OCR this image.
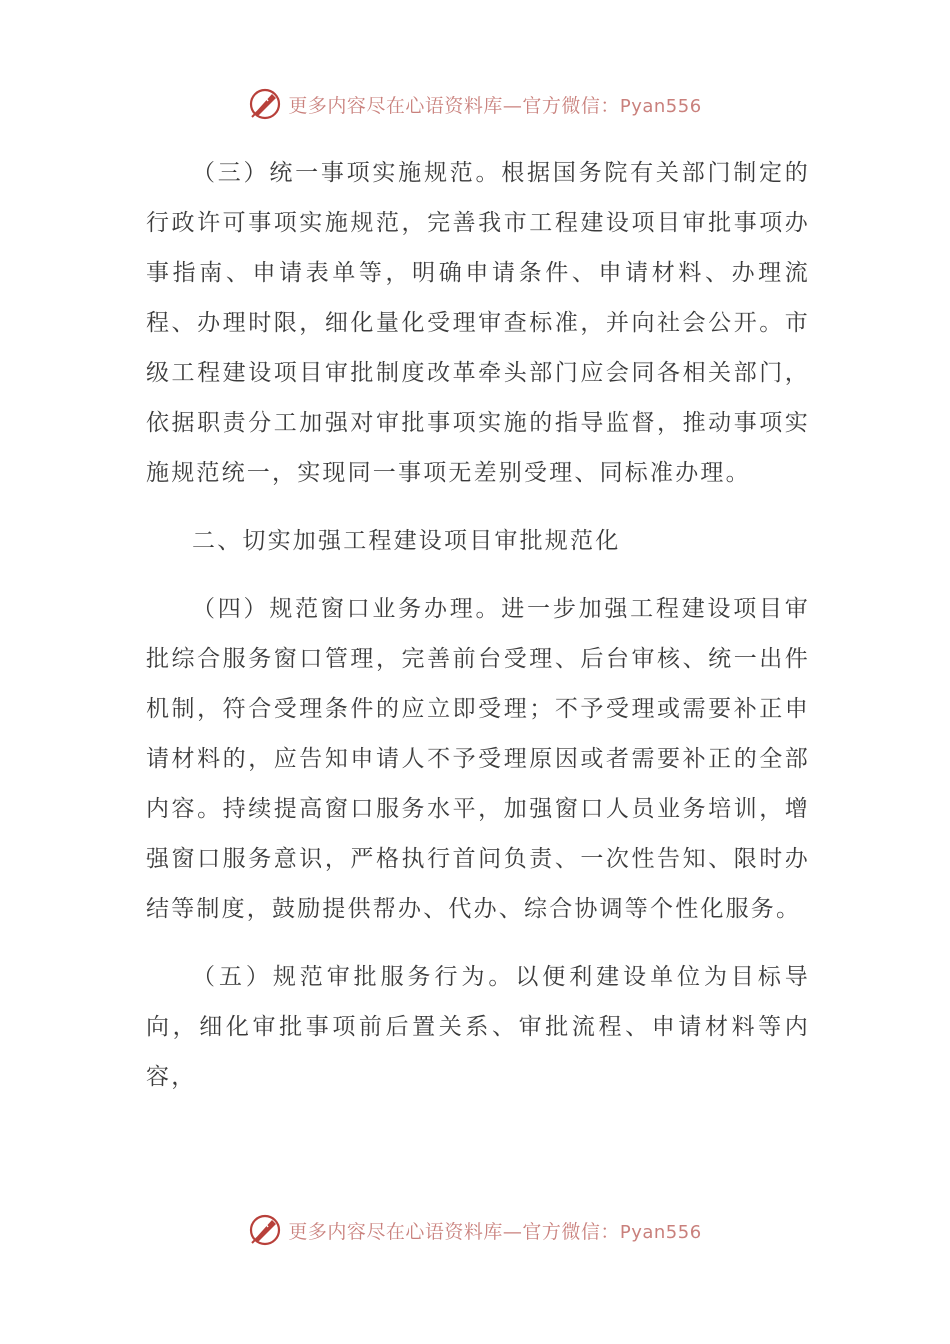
更多内容尽在心语资料库—官方微信：Pyan556

（三）统一事项实施规范。根据国务院有关部门制定的行政许可事项实施规范，完善我市工程建设项目审批事项办事指南、申请表单等，明确申请条件、申请材料、办理流程、办理时限，细化量化受理审查标准，并向社会公开。市级工程建设项目审批制度改革牵头部门应会同各相关部门，依据职责分工加强对审批事项实施的指导监督，推动事项实施规范统一，实现同一事项无差别受理、同标准办理。

二、切实加强工程建设项目审批规范化

（四）规范窗口业务办理。进一步加强工程建设项目审批综合服务窗口管理，完善前台受理、后台审核、统一出件机制，符合受理条件的应立即受理；不予受理或需要补正申请材料的，应告知申请人不予受理原因或者需要补正的全部内容。持续提高窗口服务水平，加强窗口人员业务培训，增强窗口服务意识，严格执行首问负责、一次性告知、限时办结等制度，鼓励提供帮办、代办、综合协调等个性化服务。

（五）规范审批服务行为。以便利建设单位为目标导向，细化审批事项前后置关系、审批流程、申请材料等内容，

更多内容尽在心语资料库—官方微信：Pyan556
